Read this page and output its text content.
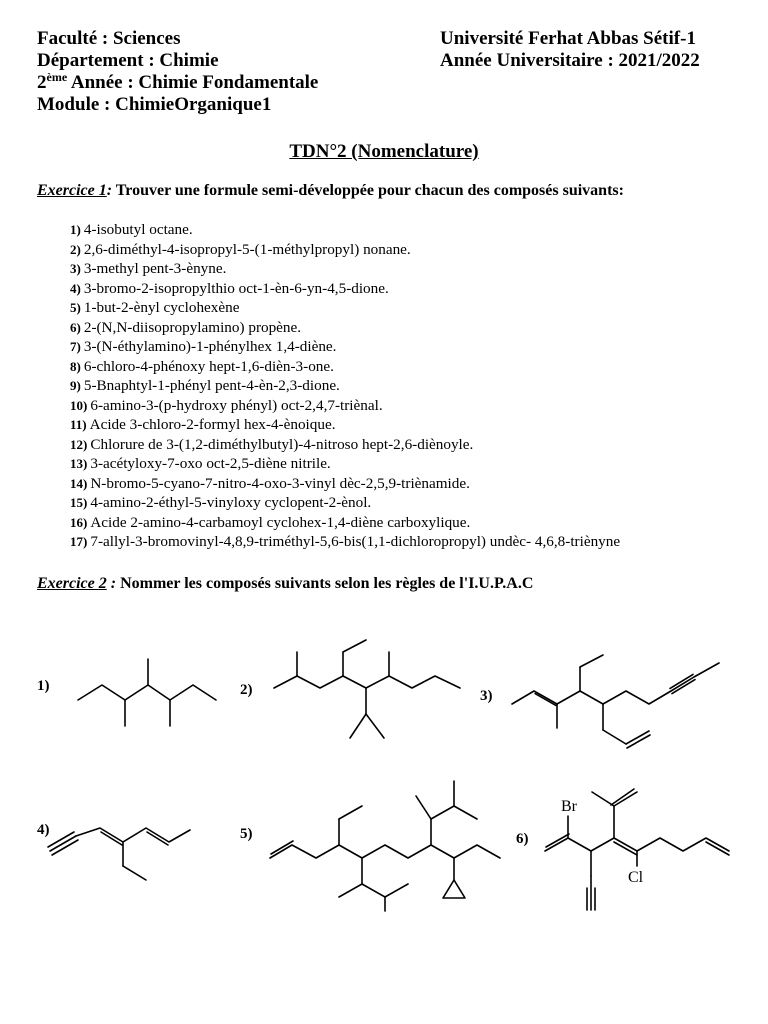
Faculté : Sciences
Département : Chimie
2ème Année : Chimie Fondamentale
Module : ChimieOrganique1
Université Ferhat Abbas Sétif-1
Année Universitaire : 2021/2022
TDN°2 (Nomenclature)
Exercice 1: Trouver une formule semi-développée pour chacun des composés suivants:
1) 4-isobutyl octane.
2) 2,6-diméthyl-4-isopropyl-5-(1-méthylpropyl) nonane.
3) 3-methyl pent-3-ènyne.
4) 3-bromo-2-isopropylthio oct-1-èn-6-yn-4,5-dione.
5) 1-but-2-ènyl cyclohexène
6) 2-(N,N-diisopropylamino) propène.
7) 3-(N-éthylamino)-1-phénylhex 1,4-diène.
8) 6-chloro-4-phénoxy hept-1,6-dièn-3-one.
9) 5-Bnaphtyl-1-phényl pent-4-èn-2,3-dione.
10) 6-amino-3-(p-hydroxy phényl) oct-2,4,7-triènal.
11) Acide 3-chloro-2-formyl hex-4-ènoique.
12) Chlorure de 3-(1,2-diméthylbutyl)-4-nitroso hept-2,6-diènoyle.
13) 3-acétyloxy-7-oxo oct-2,5-diène nitrile.
14) N-bromo-5-cyano-7-nitro-4-oxo-3-vinyl dèc-2,5,9-triènamide.
15) 4-amino-2-éthyl-5-vinyloxy cyclopent-2-ènol.
16) Acide 2-amino-4-carbamoyl cyclohex-1,4-diène carboxylique.
17) 7-allyl-3-bromovinyl-4,8,9-triméthyl-5,6-bis(1,1-dichloropropyl) undèc- 4,6,8-triènyne
Exercice 2 : Nommer les composés suivants selon les règles de l'I.U.P.A.C
1)	2)	3)
4)	5)	6)
Br
Cl
